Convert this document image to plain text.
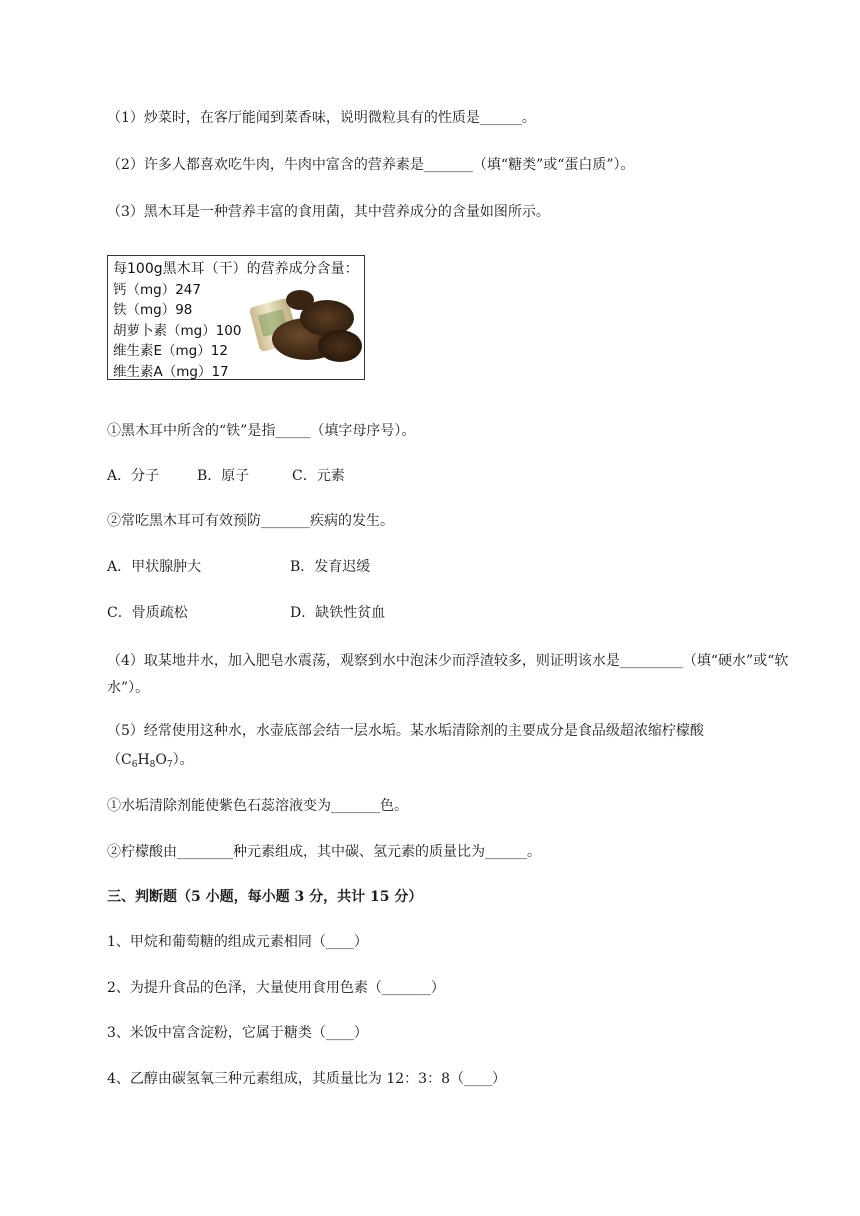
（1）炒菜时，在客厅能闻到菜香味，说明微粒具有的性质是______。
（2）许多人都喜欢吃牛肉，牛肉中富含的营养素是_______（填“糖类”或“蛋白质”）。
（3）黑木耳是一种营养丰富的食用菌，其中营养成分的含量如图所示。
每100g黑木耳（干）的营养成分含量：
钙（mg）247
铁（mg）98
胡萝卜素（mg）100
维生素E（mg）12
维生素A（mg）17
①黑木耳中所含的“铁”是指_____（填字母序号）。
A．分子	B．原子	C．元素
②常吃黑木耳可有效预防_______疾病的发生。
A．甲状腺肿大	B．发育迟缓
C．骨质疏松	D．缺铁性贫血
（4）取某地井水，加入肥皂水震荡，观察到水中泡沫少而浮渣较多，则证明该水是_________（填“硬水”或“软水”）。
（5）经常使用这种水，水壶底部会结一层水垢。某水垢清除剂的主要成分是食品级超浓缩柠檬酸
$(C_6H_8O_7)$。
①水垢清除剂能使紫色石蕊溶液变为_______色。
②柠檬酸由________种元素组成，其中碳、氢元素的质量比为______。
三、判断题（5 小题，每小题 3 分，共计 15 分）
1、甲烷和葡萄糖的组成元素相同（____）
2、为提升食品的色泽，大量使用食用色素（_______）
3、米饭中富含淀粉，它属于糖类（____）
4、乙醇由碳氢氧三种元素组成，其质量比为 12：3：8（____）
